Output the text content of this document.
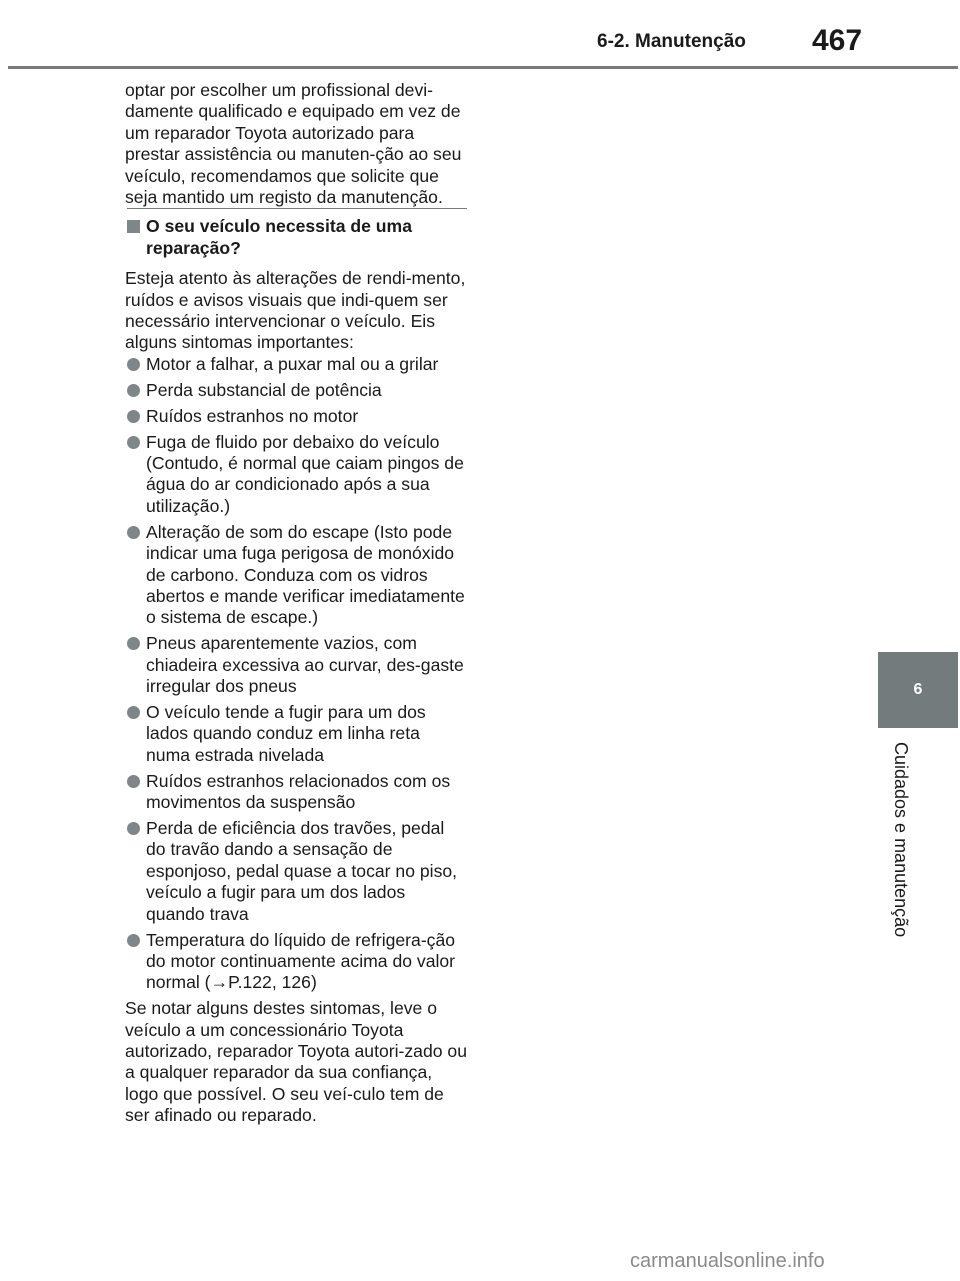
6-2. Manutenção 467
6
Cuidados e manutenção

optar por escolher um profissional devi-damente qualificado e equipado em vez de um reparador Toyota autorizado para prestar assistência ou manuten-ção ao seu veículo, recomendamos que solicite que seja mantido um registo da manutenção.

O seu veículo necessita de uma reparação?

Esteja atento às alterações de rendi-mento, ruídos e avisos visuais que indi-quem ser necessário intervencionar o veículo. Eis alguns sintomas importantes:

Motor a falhar, a puxar mal ou a grilar
Perda substancial de potência
Ruídos estranhos no motor
Fuga de fluido por debaixo do veículo (Contudo, é normal que caiam pingos de água do ar condicionado após a sua utilização.)
Alteração de som do escape (Isto pode indicar uma fuga perigosa de monóxido de carbono. Conduza com os vidros abertos e mande verificar imediatamente o sistema de escape.)
Pneus aparentemente vazios, com chiadeira excessiva ao curvar, des-gaste irregular dos pneus
O veículo tende a fugir para um dos lados quando conduz em linha reta numa estrada nivelada
Ruídos estranhos relacionados com os movimentos da suspensão
Perda de eficiência dos travões, pedal do travão dando a sensação de esponjoso, pedal quase a tocar no piso, veículo a fugir para um dos lados quando trava
Temperatura do líquido de refrigera-ção do motor continuamente acima do valor normal (→P.122, 126)

Se notar alguns destes sintomas, leve o veículo a um concessionário Toyota autorizado, reparador Toyota autori-zado ou a qualquer reparador da sua confiança, logo que possível. O seu veí-culo tem de ser afinado ou reparado.

carmanualsonline.info
